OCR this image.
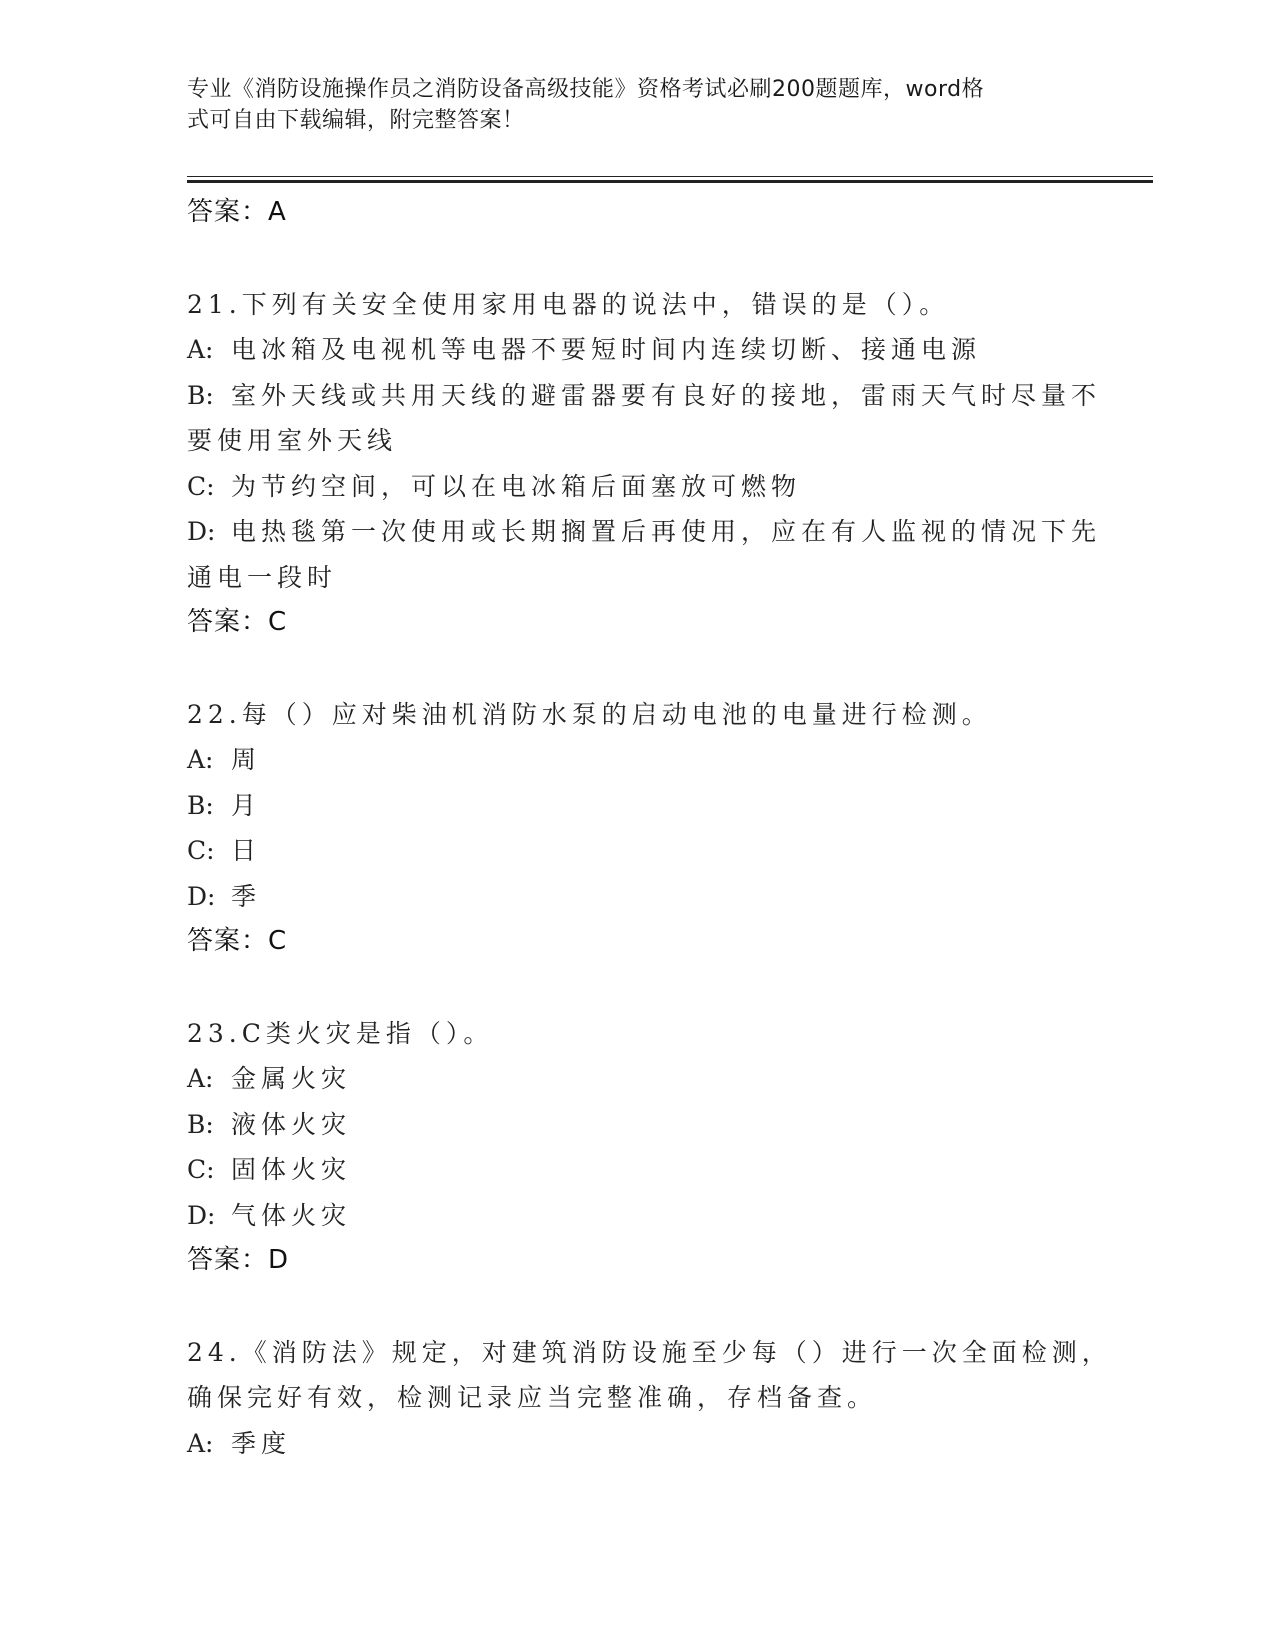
专业《消防设施操作员之消防设备高级技能》资格考试必刷200题题库，word格
式可自由下载编辑，附完整答案！
答案：A
21.下列有关安全使用家用电器的说法中，错误的是（）。
A: 电冰箱及电视机等电器不要短时间内连续切断、接通电源
B: 室外天线或共用天线的避雷器要有良好的接地，雷雨天气时尽量不
要使用室外天线
C: 为节约空间，可以在电冰箱后面塞放可燃物
D: 电热毯第一次使用或长期搁置后再使用，应在有人监视的情况下先
通电一段时
答案：C
22.每（）应对柴油机消防水泵的启动电池的电量进行检测。
A: 周
B: 月
C: 日
D: 季
答案：C
23.C类火灾是指（）。
A: 金属火灾
B: 液体火灾
C: 固体火灾
D: 气体火灾
答案：D
24.《消防法》规定，对建筑消防设施至少每（）进行一次全面检测，
确保完好有效，检测记录应当完整准确，存档备查。
A: 季度
